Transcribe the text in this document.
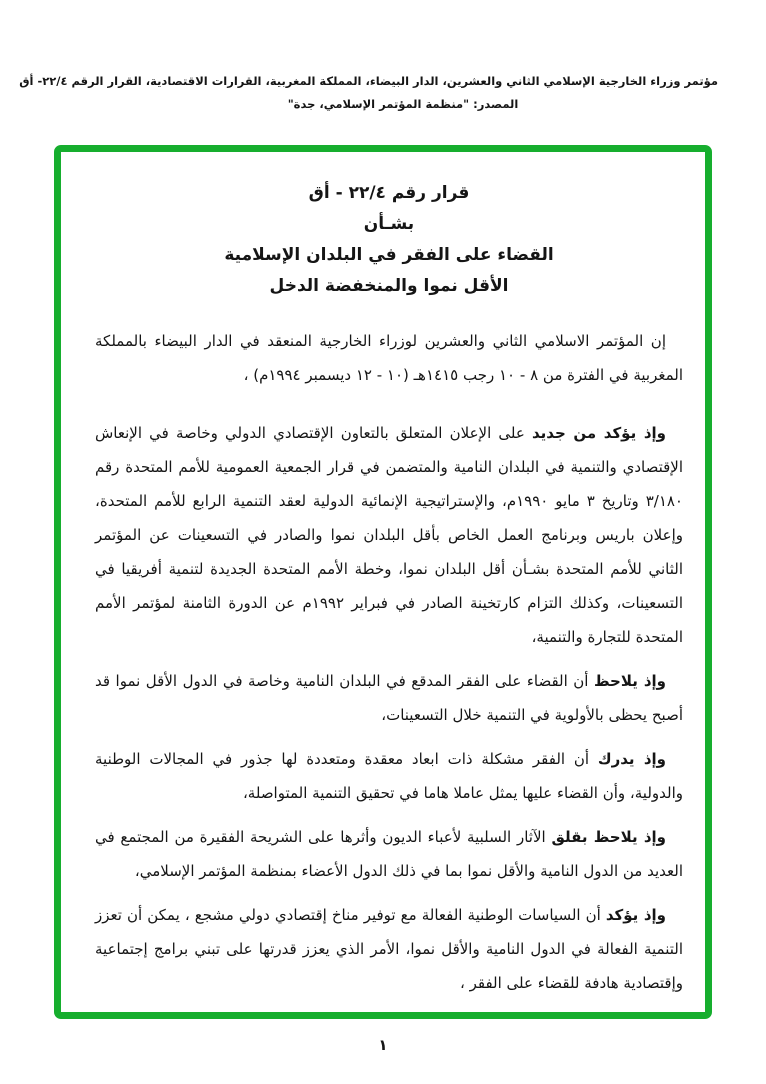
مؤتمر وزراء الخارجية الإسلامي الثاني والعشرين، الدار البيضاء، المملكة المغربية، القرارات الاقتصادية، القرار الرقم ٢٢/٤- أق
المصدر: "منظمة المؤتمر الإسلامي، جدة"
قرار رقم ٢٢/٤ - أق
بشـأن
القضاء على الفقر في البلدان الإسلامية
الأقل نموا والمنخفضة الدخل

إن المؤتمر الاسلامي الثاني والعشرين لوزراء الخارجية المنعقد في الدار البيضاء بالمملكة المغربية في الفترة من ٨ - ١٠ رجب ١٤١٥هـ (١٠ - ١٢ ديسمبر ١٩٩٤م) ،

وإذ يؤكد من جديد على الإعلان المتعلق بالتعاون الإقتصادي الدولي وخاصة في الإنعاش الإقتصادي والتنمية في البلدان النامية والمتضمن في قرار الجمعية العمومية للأمم المتحدة رقم ٣/١٨٠ وتاريخ ٣ مايو ١٩٩٠م، والإستراتيجية الإنمائية الدولية لعقد التنمية الرابع للأمم المتحدة، وإعلان باريس وبرنامج العمل الخاص بأقل البلدان نموا والصادر في التسعينات عن المؤتمر الثاني للأمم المتحدة بشـأن أقل البلدان نموا، وخطة الأمم المتحدة الجديدة لتنمية أفريقيا في التسعينات، وكذلك التزام كارتخينة الصادر في فبراير ١٩٩٢م عن الدورة الثامنة لمؤتمر الأمم المتحدة للتجارة والتنمية،

وإذ يلاحظ أن القضاء على الفقر المدقع في البلدان النامية وخاصة في الدول الأقل نموا قد أصبح يحظى بالأولوية في التنمية خلال التسعينات،

وإذ يدرك أن الفقر مشكلة ذات ابعاد معقدة ومتعددة لها جذور في المجالات الوطنية والدولية، وأن القضاء عليها يمثل عاملا هاما في تحقيق التنمية المتواصلة،

وإذ يلاحظ بقلق الآثار السلبية لأعباء الديون وأثرها على الشريحة الفقيرة من المجتمع في العديد من الدول النامية والأقل نموا بما في ذلك الدول الأعضاء بمنظمة المؤتمر الإسلامي،

وإذ يؤكد أن السياسات الوطنية الفعالة مع توفير مناخ إقتصادي دولي مشجع ، يمكن أن تعزز التنمية الفعالة في الدول النامية والأقل نموا، الأمر الذي يعزز قدرتها على تبني برامج إجتماعية وإقتصادية هادفة للقضاء على الفقر ،

١
